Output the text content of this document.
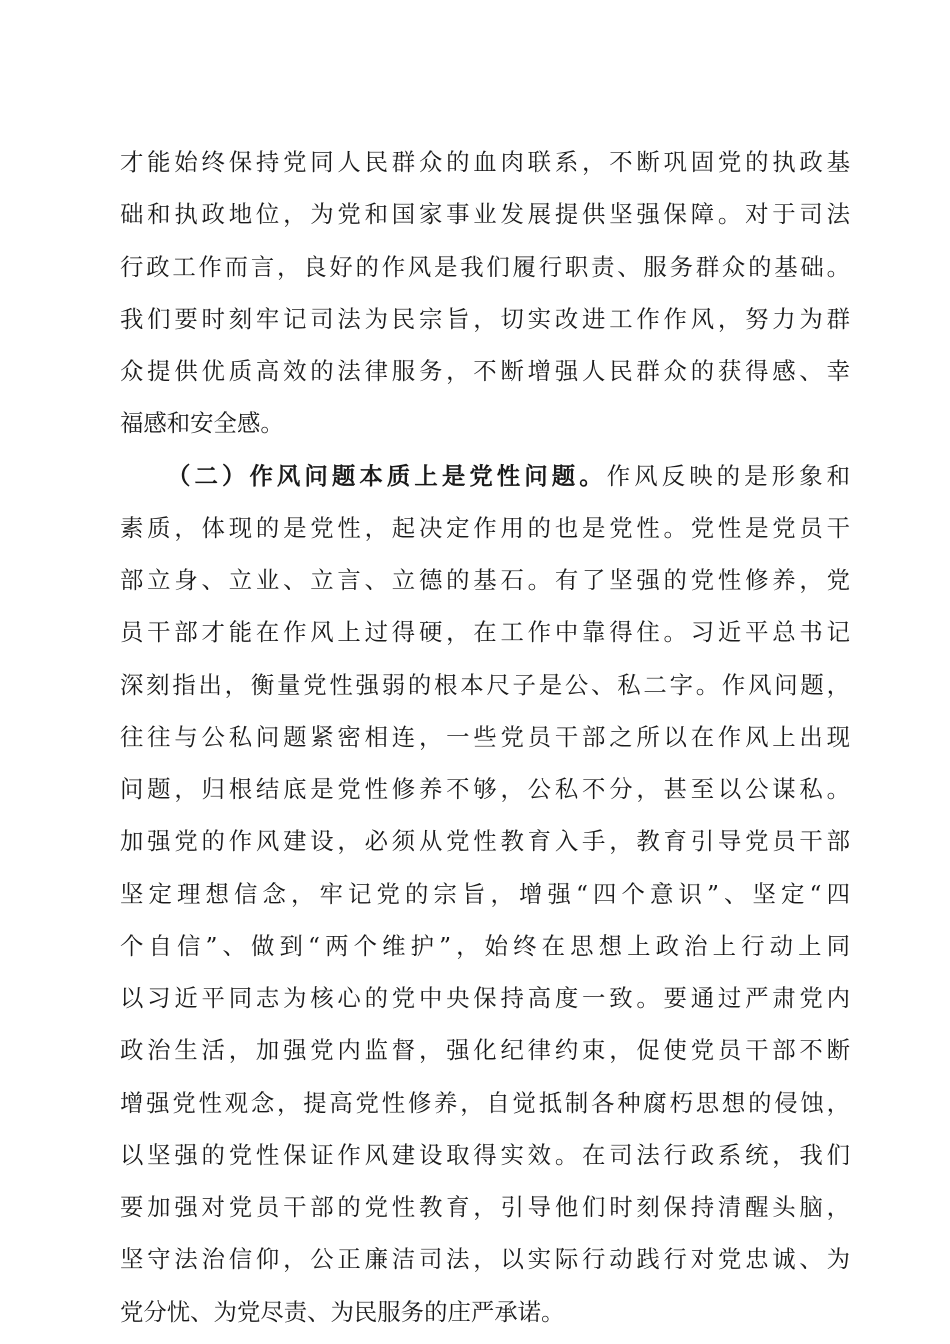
才能始终保持党同人民群众的血肉联系，不断巩固党的执政基
础和执政地位，为党和国家事业发展提供坚强保障。对于司法
行政工作而言，良好的作风是我们履行职责、服务群众的基础。
我们要时刻牢记司法为民宗旨，切实改进工作作风，努力为群
众提供优质高效的法律服务，不断增强人民群众的获得感、幸
福感和安全感。
（二）作风问题本质上是党性问题。作风反映的是形象和
素质，体现的是党性，起决定作用的也是党性。党性是党员干
部立身、立业、立言、立德的基石。有了坚强的党性修养，党
员干部才能在作风上过得硬，在工作中靠得住。习近平总书记
深刻指出，衡量党性强弱的根本尺子是公、私二字。作风问题，
往往与公私问题紧密相连，一些党员干部之所以在作风上出现
问题，归根结底是党性修养不够，公私不分，甚至以公谋私。
加强党的作风建设，必须从党性教育入手，教育引导党员干部
坚定理想信念，牢记党的宗旨，增强“四个意识”、坚定“四
个自信”、做到“两个维护”，始终在思想上政治上行动上同
以习近平同志为核心的党中央保持高度一致。要通过严肃党内
政治生活，加强党内监督，强化纪律约束，促使党员干部不断
增强党性观念，提高党性修养，自觉抵制各种腐朽思想的侵蚀，
以坚强的党性保证作风建设取得实效。在司法行政系统，我们
要加强对党员干部的党性教育，引导他们时刻保持清醒头脑，
坚守法治信仰，公正廉洁司法，以实际行动践行对党忠诚、为
党分忧、为党尽责、为民服务的庄严承诺。
